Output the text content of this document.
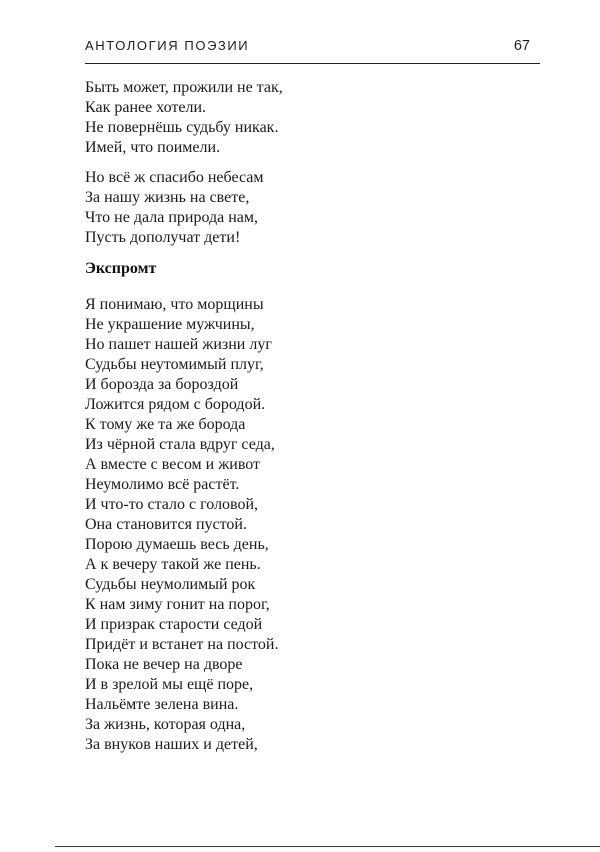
АНТОЛОГИЯ ПОЭЗИИ	67
Быть может, прожили не так,
Как ранее хотели.
Не повернёшь судьбу никак.
Имей, что поимели.
Но всё ж спасибо небесам
За нашу жизнь на свете,
Что не дала природа нам,
Пусть дополучат дети!
Экспромт
Я понимаю, что морщины
Не украшение мужчины,
Но пашет нашей жизни луг
Судьбы неутомимый плуг,
И борозда за бороздой
Ложится рядом с бородой.
К тому же та же борода
Из чёрной стала вдруг седа,
А вместе с весом и живот
Неумолимо всё растёт.
И что-то стало с головой,
Она становится пустой.
Порою думаешь весь день,
А к вечеру такой же пень.
Судьбы неумолимый рок
К нам зиму гонит на порог,
И призрак старости седой
Придёт и встанет на постой.
Пока не вечер на дворе
И в зрелой мы ещё поре,
Нальёмте зелена вина.
За жизнь, которая одна,
За внуков наших и детей,
